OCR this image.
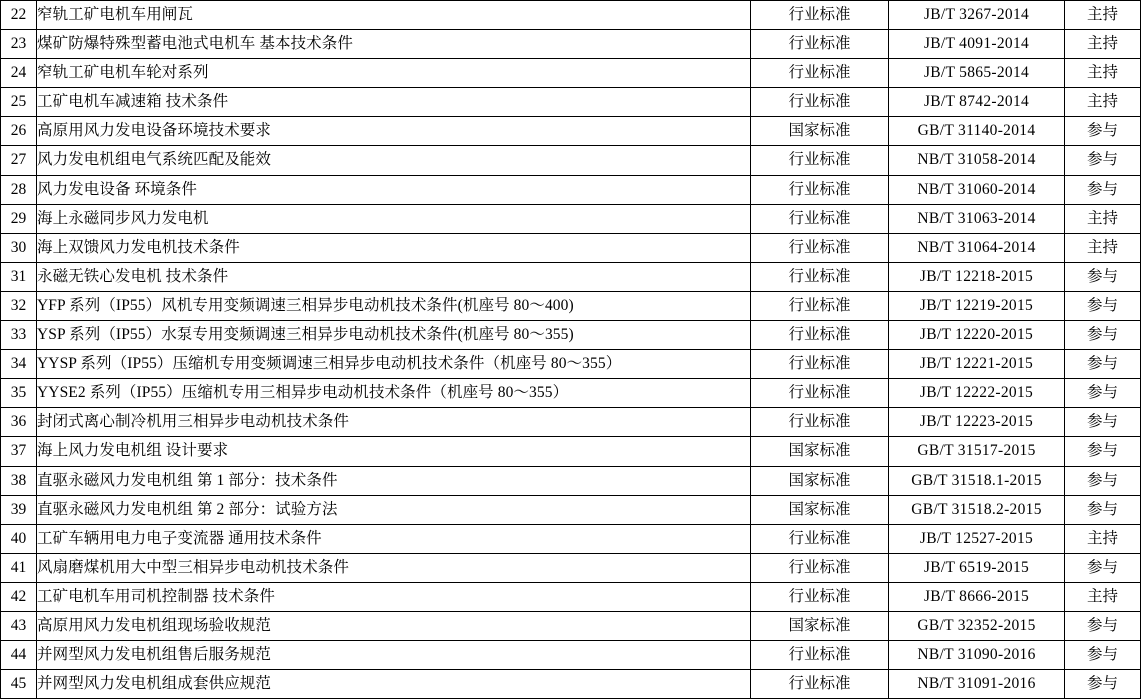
22	窄轨工矿电机车用闸瓦	行业标准	JB/T 3267-2014	主持
23	煤矿防爆特殊型蓄电池式电机车 基本技术条件	行业标准	JB/T 4091-2014	主持
24	窄轨工矿电机车轮对系列	行业标准	JB/T 5865-2014	主持
25	工矿电机车减速箱 技术条件	行业标准	JB/T 8742-2014	主持
26	高原用风力发电设备环境技术要求	国家标准	GB/T 31140-2014	参与
27	风力发电机组电气系统匹配及能效	行业标准	NB/T 31058-2014	参与
28	风力发电设备 环境条件	行业标准	NB/T 31060-2014	参与
29	海上永磁同步风力发电机	行业标准	NB/T 31063-2014	主持
30	海上双馈风力发电机技术条件	行业标准	NB/T 31064-2014	主持
31	永磁无铁心发电机 技术条件	行业标准	JB/T 12218-2015	参与
32	YFP 系列（IP55）风机专用变频调速三相异步电动机技术条件(机座号 80～400)	行业标准	JB/T 12219-2015	参与
33	YSP 系列（IP55）水泵专用变频调速三相异步电动机技术条件(机座号 80～355)	行业标准	JB/T 12220-2015	参与
34	YYSP 系列（IP55）压缩机专用变频调速三相异步电动机技术条件（机座号 80～355）	行业标准	JB/T 12221-2015	参与
35	YYSE2 系列（IP55）压缩机专用三相异步电动机技术条件（机座号 80～355）	行业标准	JB/T 12222-2015	参与
36	封闭式离心制冷机用三相异步电动机技术条件	行业标准	JB/T 12223-2015	参与
37	海上风力发电机组 设计要求	国家标准	GB/T 31517-2015	参与
38	直驱永磁风力发电机组 第 1 部分：技术条件	国家标准	GB/T 31518.1-2015	参与
39	直驱永磁风力发电机组 第 2 部分：试验方法	国家标准	GB/T 31518.2-2015	参与
40	工矿车辆用电力电子变流器 通用技术条件	行业标准	JB/T 12527-2015	主持
41	风扇磨煤机用大中型三相异步电动机技术条件	行业标准	JB/T 6519-2015	参与
42	工矿电机车用司机控制器 技术条件	行业标准	JB/T 8666-2015	主持
43	高原用风力发电机组现场验收规范	国家标准	GB/T 32352-2015	参与
44	并网型风力发电机组售后服务规范	行业标准	NB/T 31090-2016	参与
45	并网型风力发电机组成套供应规范	行业标准	NB/T 31091-2016	参与
